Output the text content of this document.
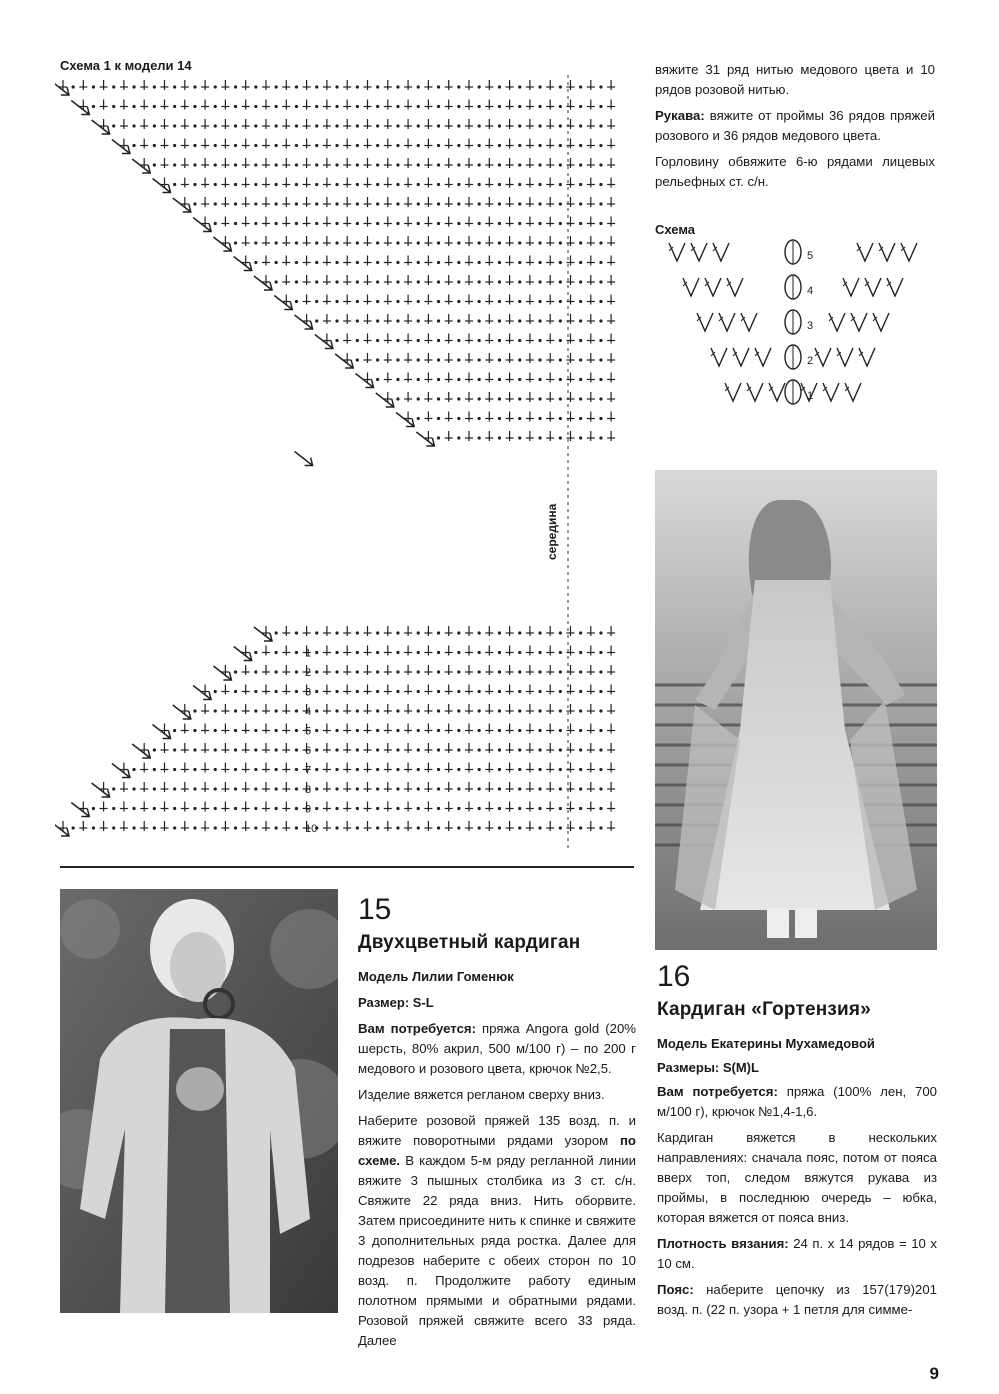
Схема 1 к модели 14
1
2
3
4
5
6
7
8
9
10
середина

вяжите 31 ряд нитью медового цвета и 10 рядов розовой нитью.

Рукава: вяжите от проймы 36 рядов пряжей розового и 36 рядов медового цвета.

Горловину обвяжите 6-ю рядами лицевых рельефных ст. с/н.

Схема
5
4
3
2
1
15
Двухцветный кардиган
Модель Лилии Гоменюк
Размер: S-L

Вам потребуется: пряжа Angora gold (20% шерсть, 80% акрил, 500 м/100 г) – по 200 г медового и розового цвета, крючок №2,5.

Изделие вяжется регланом сверху вниз.

Наберите розовой пряжей 135 возд. п. и вяжите поворотными рядами узором по схеме. В каждом 5-м ряду регланной линии вяжите 3 пышных столбика из 3 ст. с/н. Свяжите 22 ряда вниз. Нить оборвите. Затем присоедините нить к спинке и свяжите 3 дополнительных ряда ростка. Далее для подрезов наберите с обеих сторон по 10 возд. п. Продолжите работу единым полотном прямыми и обратными рядами. Розовой пряжей свяжите всего 33 ряда. Далее

16
Кардиган «Гортензия»
Модель Екатерины Мухамедовой
Размеры: S(M)L

Вам потребуется: пряжа (100% лен, 700 м/100 г), крючок №1,4-1,6.

Кардиган вяжется в нескольких направлениях: сначала пояс, потом от пояса вверх топ, следом вяжутся рукава из проймы, в последнюю очередь – юбка, которая вяжется от пояса вниз.

Плотность вязания: 24 п. х 14 рядов = 10 х 10 см.

Пояс: наберите цепочку из 157(179)201 возд. п. (22 п. узора + 1 петля для симме-

9
